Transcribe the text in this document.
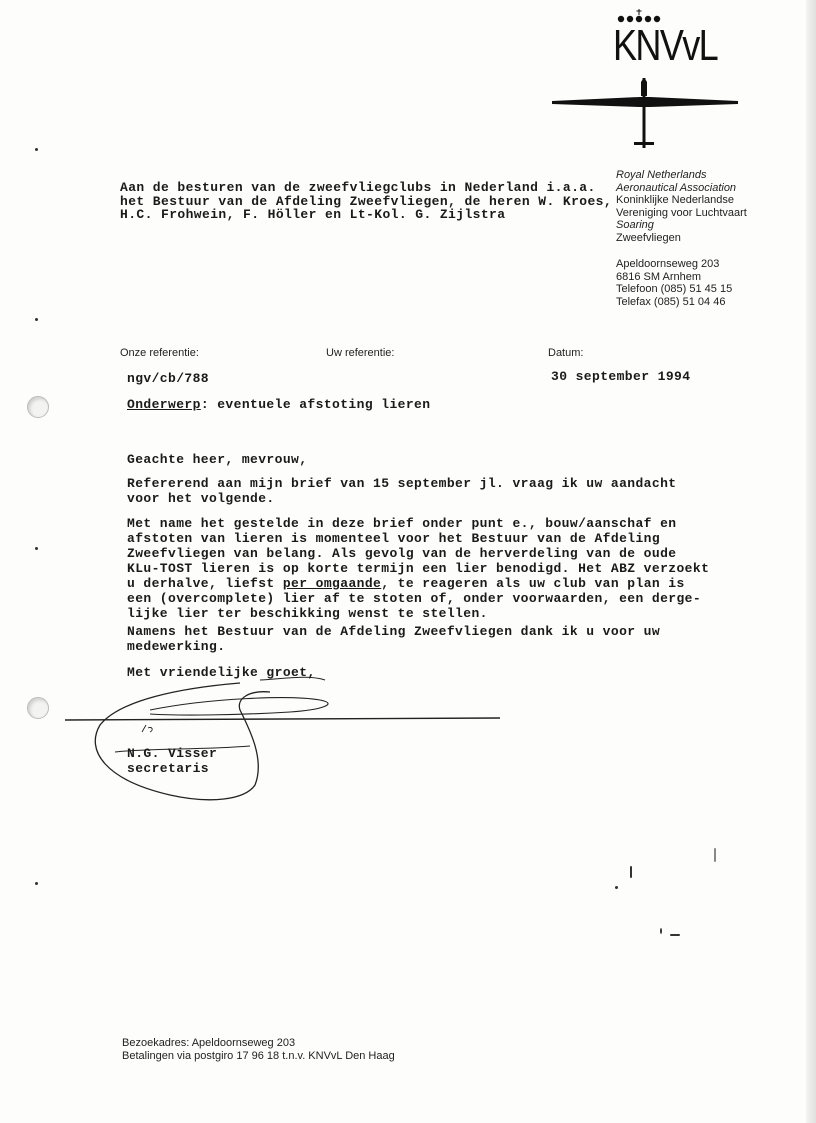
KNVvL
Royal Netherlands
Aeronautical Association
Koninklijke Nederlandse
Vereniging voor Luchtvaart
Soaring
Zweefvliegen
Apeldoornseweg 203
6816 SM Arnhem
Telefoon (085) 51 45 15
Telefax (085) 51 04 46
Aan de besturen van de zweefvliegclubs in Nederland i.a.a.
het Bestuur van de Afdeling Zweefvliegen, de heren W. Kroes,
H.C. Frohwein, F. Höller en Lt-Kol. G. Zijlstra
Onze referentie:	Uw referentie:	Datum:
ngv/cb/788	30 september 1994
Onderwerp: eventuele afstoting lieren
Geachte heer, mevrouw,
Refererend aan mijn brief van 15 september jl. vraag ik uw aandacht
voor het volgende.
Met name het gestelde in deze brief onder punt e., bouw/aanschaf en
afstoten van lieren is momenteel voor het Bestuur van de Afdeling
Zweefvliegen van belang. Als gevolg van de herverdeling van de oude
KLu-TOST lieren is op korte termijn een lier benodigd. Het ABZ verzoekt
u derhalve, liefst per omgaande, te reageren als uw club van plan is
een (overcomplete) lier af te stoten of, onder voorwaarden, een dergе-
lijke lier ter beschikking wenst te stellen.
Namens het Bestuur van de Afdeling Zweefvliegen dank ik u voor uw
medewerking.
Met vriendelijke groet,
N.G. Visser
secretaris
Bezoekadres: Apeldoornseweg 203
Betalingen via postgiro 17 96 18 t.n.v. KNVvL Den Haag
